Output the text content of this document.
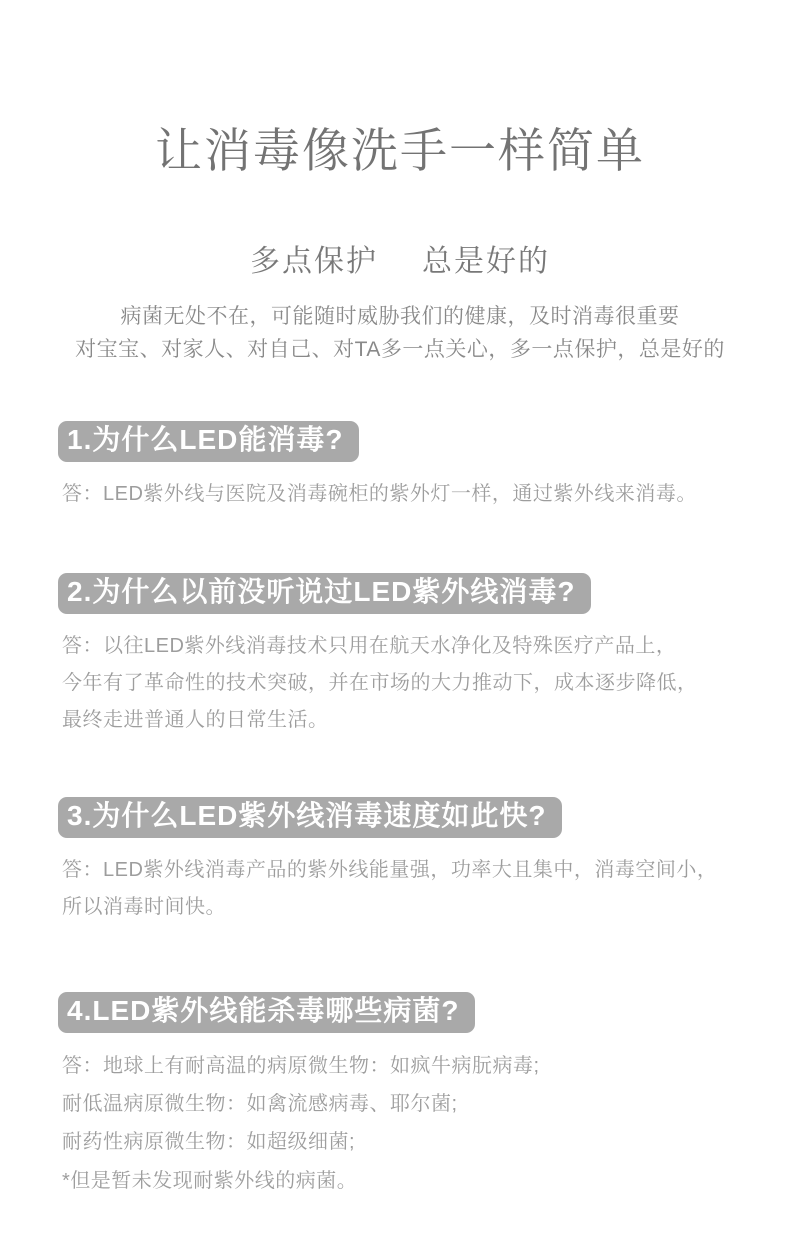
让消毒像洗手一样简单
多点保护 总是好的
病菌无处不在，可能随时威胁我们的健康，及时消毒很重要
对宝宝、对家人、对自己、对TA多一点关心，多一点保护，总是好的
1.为什么LED能消毒?
答：LED紫外线与医院及消毒碗柜的紫外灯一样，通过紫外线来消毒。
2.为什么以前没听说过LED紫外线消毒?
答：以往LED紫外线消毒技术只用在航天水净化及特殊医疗产品上，
今年有了革命性的技术突破，并在市场的大力推动下，成本逐步降低，
最终走进普通人的日常生活。
3.为什么LED紫外线消毒速度如此快?
答：LED紫外线消毒产品的紫外线能量强，功率大且集中，消毒空间小，
所以消毒时间快。
4.LED紫外线能杀毒哪些病菌?
答：地球上有耐高温的病原微生物：如疯牛病朊病毒;
耐低温病原微生物：如禽流感病毒、耶尔菌;
耐药性病原微生物：如超级细菌;
*但是暂未发现耐紫外线的病菌。
